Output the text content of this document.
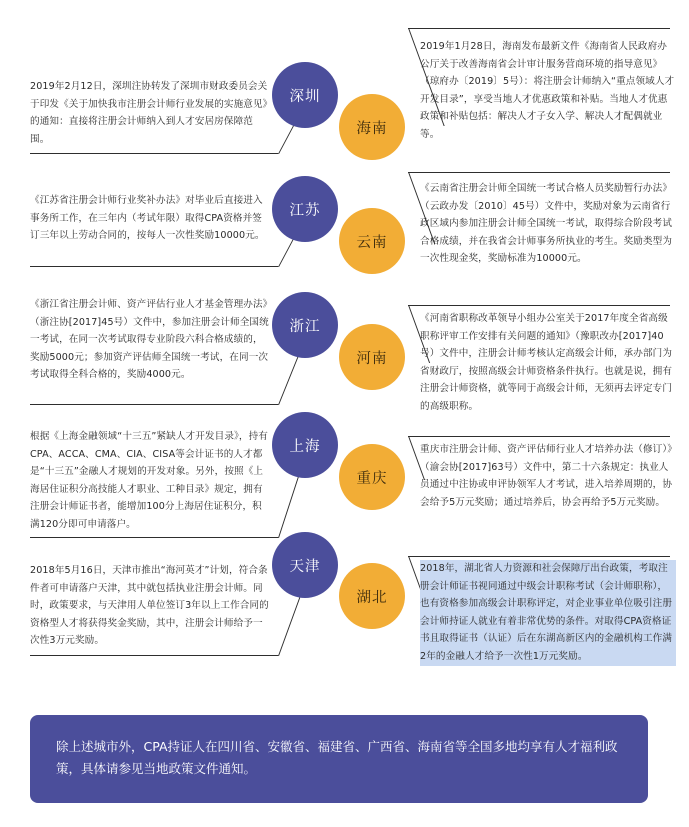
2019年2月12日，深圳注协转发了深圳市财政委员会关于印发《关于加快我市注册会计师行业发展的实施意见》的通知：直接将注册会计师纳入到人才安居房保障范围。
深圳
海南
2019年1月28日，海南发布最新文件《海南省人民政府办公厅关于改善海南省会计审计服务营商环境的指导意见》（琼府办〔2019〕5号）：将注册会计师纳入“重点领域人才开发目录”，享受当地人才优惠政策和补贴。当地人才优惠政策和补贴包括：解决人才子女入学、解决人才配偶就业等。
《江苏省注册会计师行业奖补办法》对毕业后直接进入事务所工作，在三年内（考试年限）取得CPA资格并签订三年以上劳动合同的，按每人一次性奖励10000元。
江苏
云南
《云南省注册会计师全国统一考试合格人员奖励暂行办法》（云政办发〔2010〕45号）文件中，奖励对象为云南省行政区域内参加注册会计师全国统一考试，取得综合阶段考试合格成绩，并在我省会计师事务所执业的考生。奖励类型为一次性现金奖，奖励标准为10000元。
《浙江省注册会计师、资产评估行业人才基金管理办法》（浙注协[2017]45号）文件中，参加注册会计师全国统一考试，在同一次考试取得专业阶段六科合格成绩的，奖励5000元；参加资产评估师全国统一考试，在同一次考试取得全科合格的，奖励4000元。
浙江
河南
《河南省职称改革领导小组办公室关于2017年度全省高级职称评审工作安排有关问题的通知》（豫职改办[2017]40号）文件中，注册会计师考核认定高级会计师，承办部门为省财政厅，按照高级会计师资格条件执行。也就是说，拥有注册会计师资格，就等同于高级会计师，无须再去评定专门的高级职称。
根据《上海金融领域“十三五”紧缺人才开发目录》，持有CPA、ACCA、CMA、CIA、CISA等会计证书的人才都是“十三五”金融人才规划的开发对象。另外，按照《上海居住证积分高技能人才职业、工种目录》规定，拥有注册会计师证书者，能增加100分上海居住证积分，积满120分即可申请落户。
上海
重庆
重庆市注册会计师、资产评估师行业人才培养办法（修订）》（渝会协[2017]63号）文件中，第二十六条规定：执业人员通过中注协或申评协领军人才考试，进入培养周期的，协会给予5万元奖励；通过培养后，协会再给予5万元奖励。
2018年5月16日，天津市推出“海河英才”计划，符合条件者可申请落户天津，其中就包括执业注册会计师。同时，政策要求，与天津用人单位签订3年以上工作合同的资格型人才将获得奖金奖励，其中，注册会计师给予一次性3万元奖励。
天津
湖北
2018年，湖北省人力资源和社会保障厅出台政策，考取注册会计师证书视同通过中级会计职称考试（会计师职称），也有资格参加高级会计职称评定，对企业事业单位吸引注册会计师持证人就业有着非常优势的条件。对取得CPA资格证书且取得证书（认证）后在东湖高新区内的金融机构工作满2年的金融人才给予一次性1万元奖励。
除上述城市外，CPA持证人在四川省、安徽省、福建省、广西省、海南省等全国多地均享有人才福利政策，具体请参见当地政策文件通知。
